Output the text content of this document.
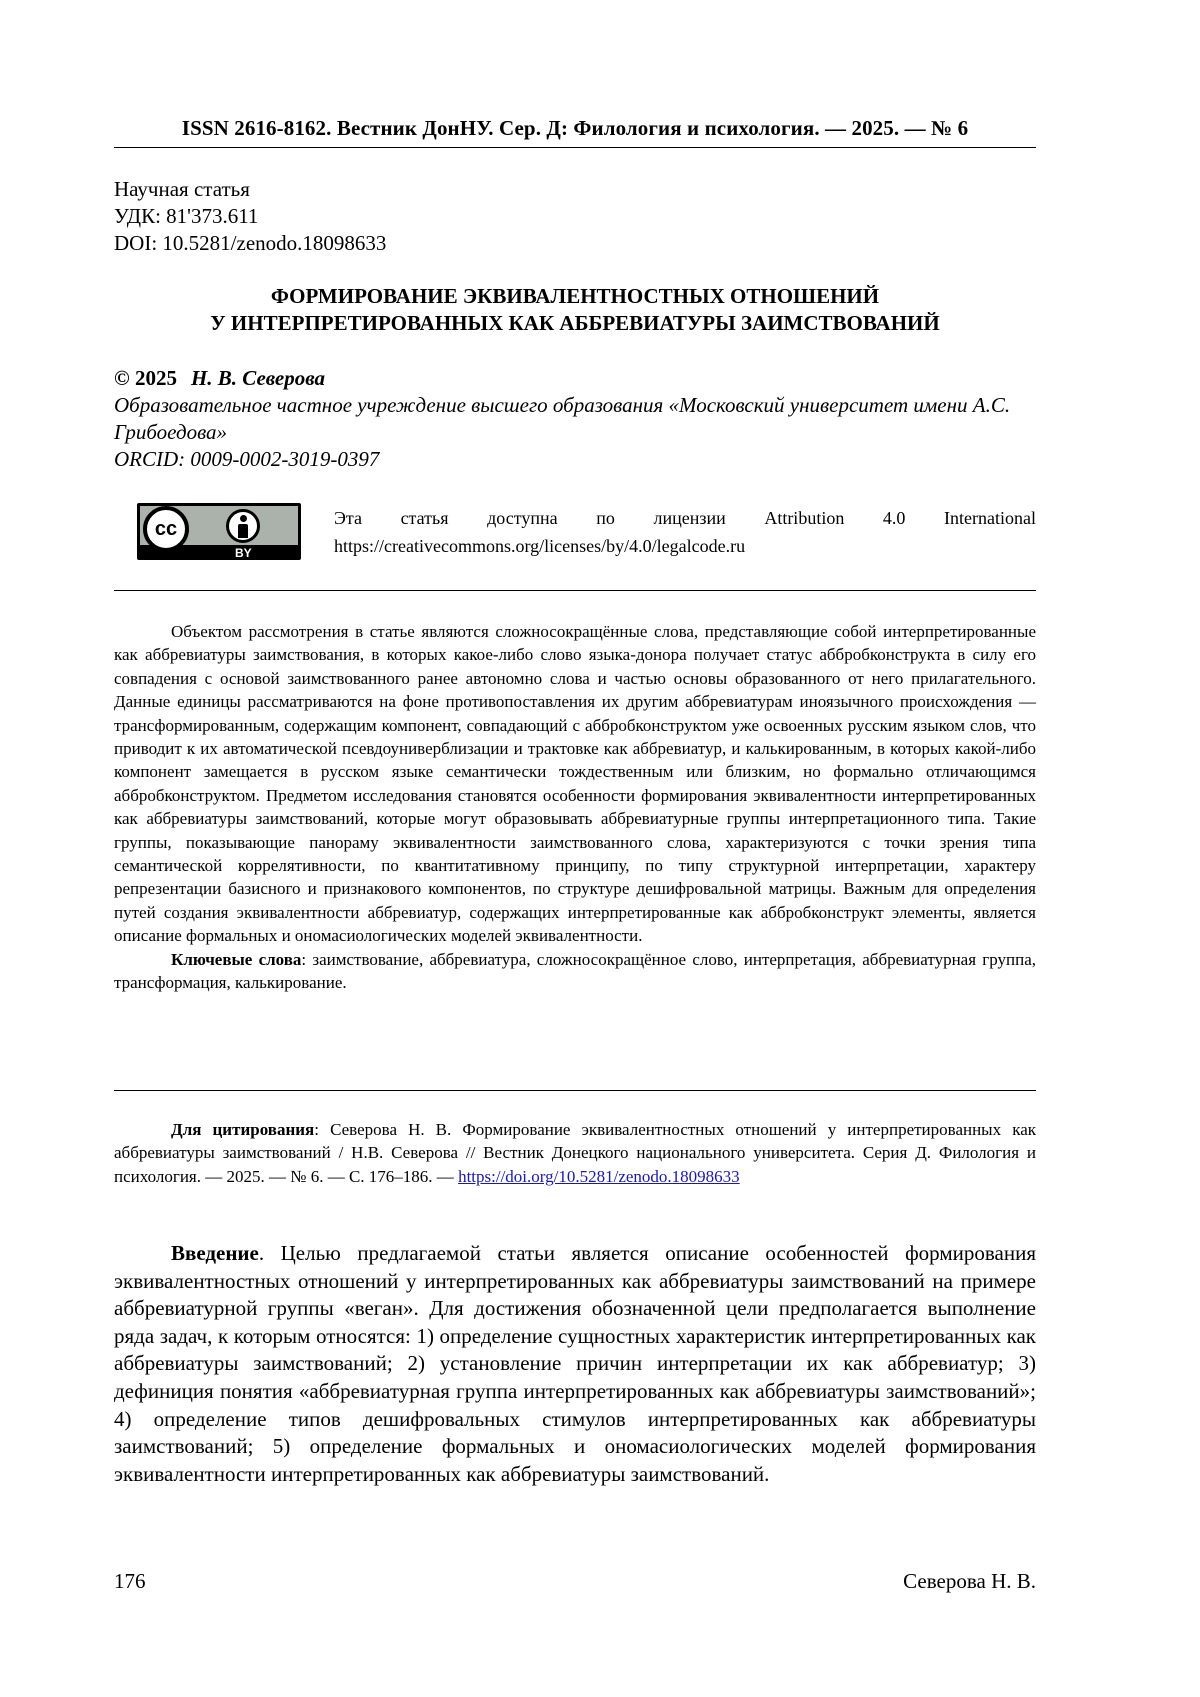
ISSN 2616-8162. Вестник ДонНУ. Сер. Д: Филология и психология. — 2025. — № 6
Научная статья
УДК: 81'373.611
DOI: 10.5281/zenodo.18098633
ФОРМИРОВАНИЕ ЭКВИВАЛЕНТНОСТНЫХ ОТНОШЕНИЙ
У ИНТЕРПРЕТИРОВАННЫХ КАК АББРЕВИАТУРЫ ЗАИМСТВОВАНИЙ
© 2025 Н. В. Северова
Образовательное частное учреждение высшего образования «Московский университет имени А.С. Грибоедова»
ORCID: 0009-0002-3019-0397
cc
BY
Эта статья доступна по лицензии Attribution 4.0 International
https://creativecommons.org/licenses/by/4.0/legalcode.ru

Объектом рассмотрения в статье являются сложносокращённые слова, представляющие собой интерпретированные как аббревиатуры заимствования, в которых какое-либо слово языка-донора получает статус аббробконструкта в силу его совпадения с основой заимствованного ранее автономно слова и частью основы образованного от него прилагательного. Данные единицы рассматриваются на фоне противопоставления их другим аббревиатурам иноязычного происхождения — трансформированным, содержащим компонент, совпадающий с аббробконструктом уже освоенных русским языком слов, что приводит к их автоматической псевдоуниверблизации и трактовке как аббревиатур, и калькированным, в которых какой-либо компонент замещается в русском языке семантически тождественным или близким, но формально отличающимся аббробконструктом. Предметом исследования становятся особенности формирования эквивалентности интерпретированных как аббревиатуры заимствований, которые могут образовывать аббревиатурные группы интерпретационного типа. Такие группы, показывающие панораму эквивалентности заимствованного слова, характеризуются с точки зрения типа семантической коррелятивности, по квантитативному принципу, по типу структурной интерпретации, характеру репрезентации базисного и признакового компонентов, по структуре дешифровальной матрицы. Важным для определения путей создания эквивалентности аббревиатур, содержащих интерпретированные как аббробконструкт элементы, является описание формальных и ономасиологических моделей эквивалентности.

Ключевые слова: заимствование, аббревиатура, сложносокращённое слово, интерпретация, аббревиатурная группа, трансформация, калькирование.

Для цитирования: Северова Н. В. Формирование эквивалентностных отношений у интерпретированных как аббревиатуры заимствований / Н.В. Северова // Вестник Донецкого национального университета. Серия Д. Филология и психология. — 2025. — № 6. — С. 176–186. — https://doi.org/10.5281/zenodo.18098633

Введение. Целью предлагаемой статьи является описание особенностей формирования эквивалентностных отношений у интерпретированных как аббревиатуры заимствований на примере аббревиатурной группы «веган». Для достижения обозначенной цели предполагается выполнение ряда задач, к которым относятся: 1) определение сущностных характеристик интерпретированных как аббревиатуры заимствований; 2) установление причин интерпретации их как аббревиатур; 3) дефиниция понятия «аббревиатурная группа интерпретированных как аббревиатуры заимствований»; 4) определение типов дешифровальных стимулов интерпретированных как аббревиатуры заимствований; 5) определение формальных и ономасиологических моделей формирования эквивалентности интерпретированных как аббревиатуры заимствований.

176	Северова Н. В.
